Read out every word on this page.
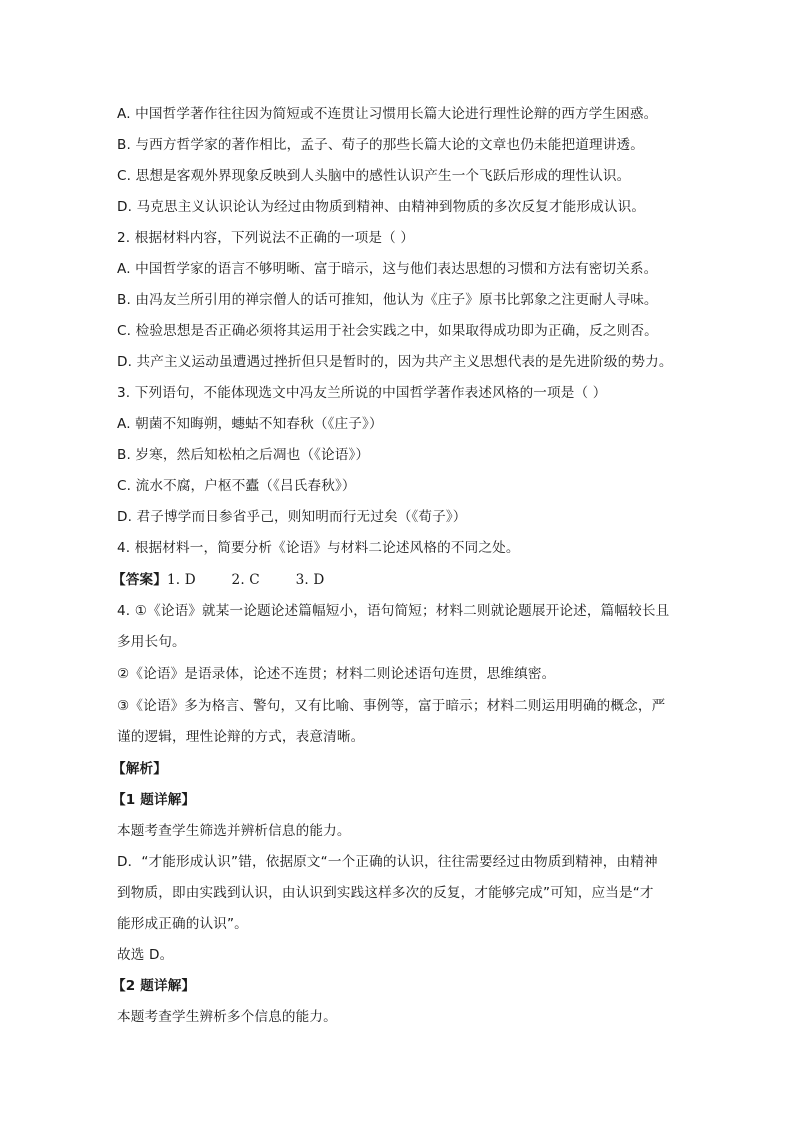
A. 中国哲学著作往往因为简短或不连贯让习惯用长篇大论进行理性论辩的西方学生困惑。
B. 与西方哲学家的著作相比，孟子、荀子的那些长篇大论的文章也仍未能把道理讲透。
C. 思想是客观外界现象反映到人头脑中的感性认识产生一个飞跃后形成的理性认识。
D. 马克思主义认识论认为经过由物质到精神、由精神到物质的多次反复才能形成认识。
2. 根据材料内容，下列说法不正确的一项是（ ）
A. 中国哲学家的语言不够明晰、富于暗示，这与他们表达思想的习惯和方法有密切关系。
B. 由冯友兰所引用的禅宗僧人的话可推知，他认为《庄子》原书比郭象之注更耐人寻味。
C. 检验思想是否正确必须将其运用于社会实践之中，如果取得成功即为正确，反之则否。
D. 共产主义运动虽遭遇过挫折但只是暂时的，因为共产主义思想代表的是先进阶级的势力。
3. 下列语句，不能体现选文中冯友兰所说的中国哲学著作表述风格的一项是（ ）
A. 朝菌不知晦朔，蟪蛄不知春秋（《庄子》）
B. 岁寒，然后知松柏之后凋也（《论语》）
C. 流水不腐，户枢不蠹（《吕氏春秋》）
D. 君子博学而日参省乎己，则知明而行无过矣（《荀子》）
4. 根据材料一，简要分析《论语》与材料二论述风格的不同之处。
【答案】1. D        2. C        3. D
4. ①《论语》就某一论题论述篇幅短小，语句简短；材料二则就论题展开论述，篇幅较长且
多用长句。
②《论语》是语录体，论述不连贯；材料二则论述语句连贯，思维缜密。
③《论语》多为格言、警句，又有比喻、事例等，富于暗示；材料二则运用明确的概念，严
谨的逻辑，理性论辩的方式，表意清晰。
【解析】
【1 题详解】
本题考查学生筛选并辨析信息的能力。
D．“才能形成认识”错，依据原文“一个正确的认识，往往需要经过由物质到精神，由精神
到物质，即由实践到认识，由认识到实践这样多次的反复，才能够完成”可知，应当是“才
能形成正确的认识”。
故选 D。
【2 题详解】
本题考查学生辨析多个信息的能力。
